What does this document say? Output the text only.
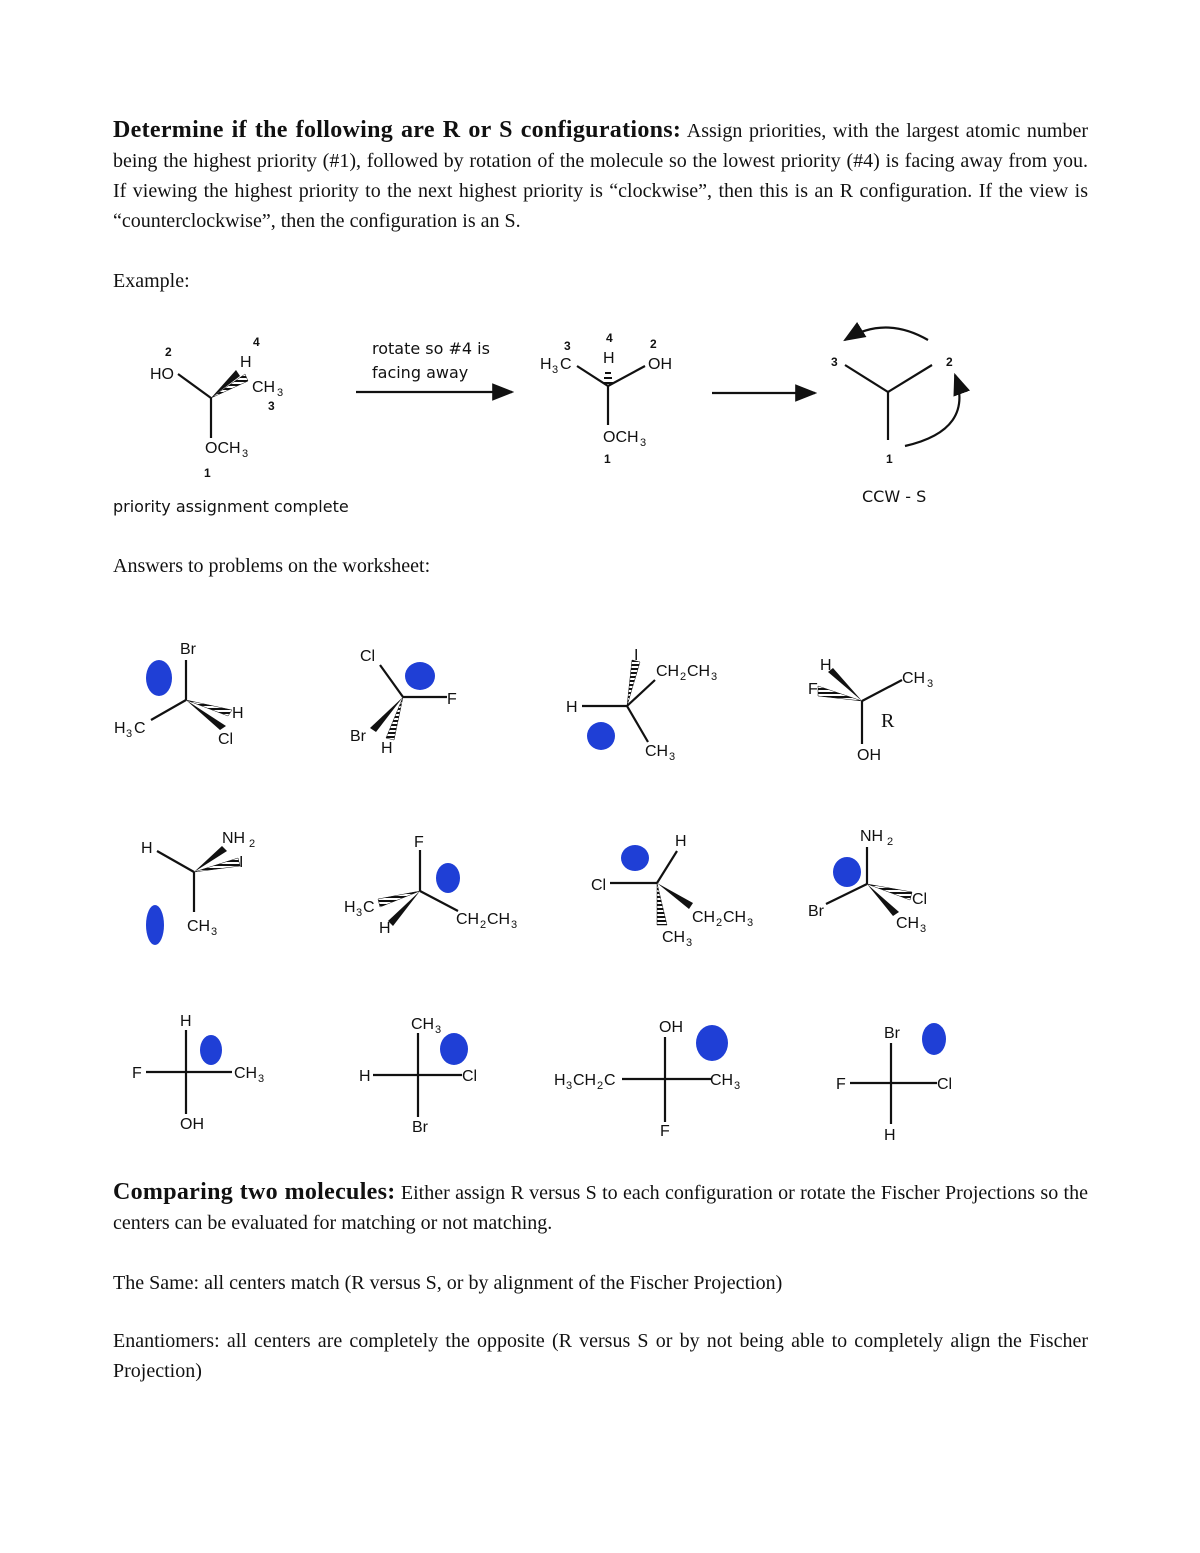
Determine if the following are R or S configurations: Assign priorities, with the largest atomic number being the highest priority (#1), followed by rotation of the molecule so the lowest priority (#4) is facing away from you. If viewing the highest priority to the next highest priority is “clockwise”, then this is an R configuration. If the view is “counterclockwise”, then the configuration is an S.
Example:
Answers to problems on the worksheet:
Comparing two molecules: Either assign R versus S to each configuration or rotate the Fischer Projections so the centers can be evaluated for matching or not matching.
The Same: all centers match (R versus S, or by alignment of the Fischer Projection)
Enantiomers: all centers are completely the opposite (R versus S or by not being able to completely align the Fischer Projection)
HO
H
CH 3
OCH 3
2
4
3
1
priority assignment complete
rotate so #4 is
facing away	H 3 C H OH
OCH 3
3
4	2
1
3	2
1
CCW - S
Br
H 3 C
H
Cl
Cl
F
Br
H
I
CH 2 CH 3
H
CH 3
H
F
CH 3
OH
R
H
NH 2
I
CH 3
F
H 3 C
H
CH 2 CH 3
H
Cl
CH 2 CH 3
CH 3
NH 2
Br
Cl
CH 3
H
F	CH 3
OH
CH 3
H	Cl
Br
OH
H 3 CH 2 C	CH 3
F
Br
F	Cl
H
